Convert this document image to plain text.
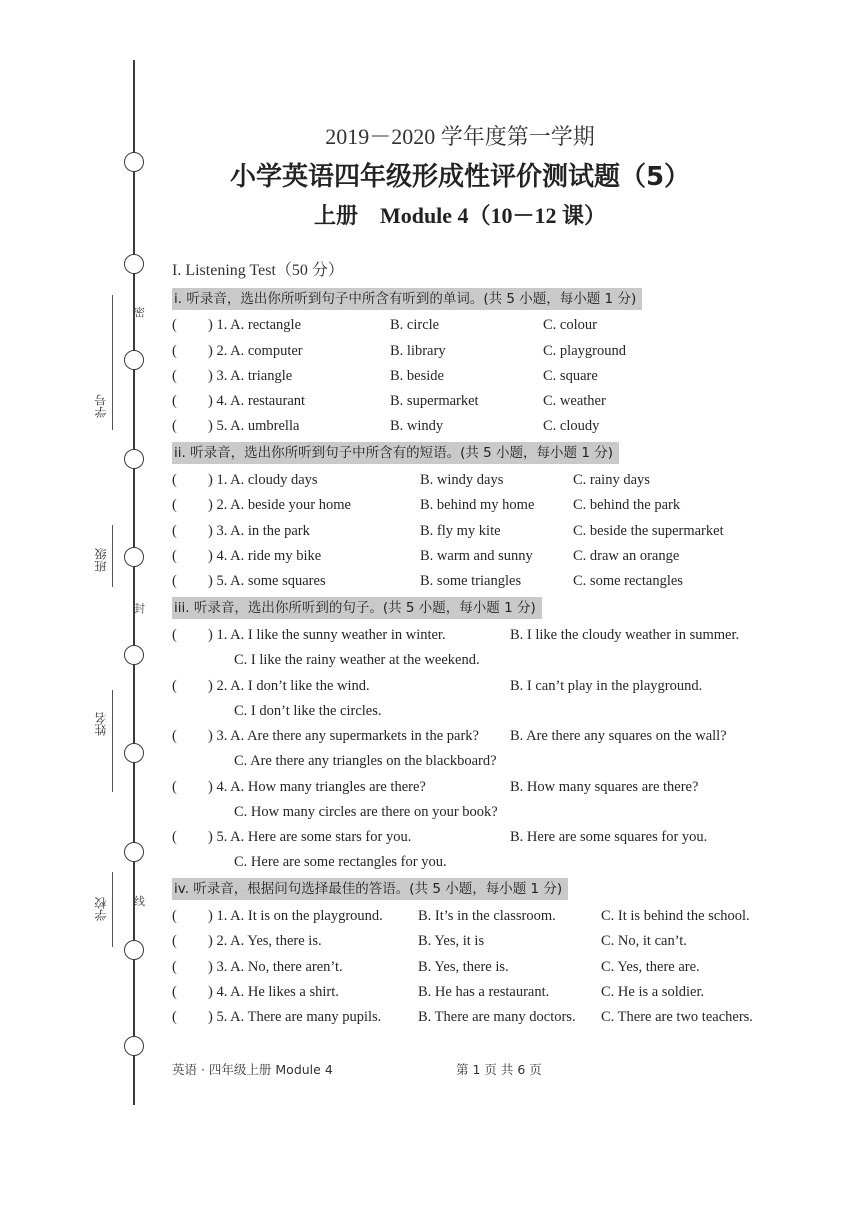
密
封
线
学号
班级
姓名
学校
2019－2020 学年度第一学期
小学英语四年级形成性评价测试题（5）
上册　Module 4（10－12 课）
I. Listening Test（50 分）
i. 听录音，选出你所听到句子中所含有听到的单词。(共 5 小题，每小题 1 分)
( ) 1. A. rectangle	B. circle	C. colour
( ) 2. A. computer	B. library	C. playground
( ) 3. A. triangle	B. beside	C. square
( ) 4. A. restaurant	B. supermarket	C. weather
( ) 5. A. umbrella	B. windy	C. cloudy
ii. 听录音，选出你所听到句子中所含有的短语。(共 5 小题，每小题 1 分)
( ) 1. A. cloudy days	B. windy days	C. rainy days
( ) 2. A. beside your home	B. behind my home	C. behind the park
( ) 3. A. in the park	B. fly my kite	C. beside the supermarket
( ) 4. A. ride my bike	B. warm and sunny	C. draw an orange
( ) 5. A. some squares	B. some triangles	C. some rectangles
iii. 听录音，选出你所听到的句子。(共 5 小题，每小题 1 分)
( ) 1. A. I like the sunny weather in winter.	B. I like the cloudy weather in summer.
C. I like the rainy weather at the weekend.
( ) 2. A. I don’t like the wind.	B. I can’t play in the playground.
C. I don’t like the circles.
( ) 3. A. Are there any supermarkets in the park? B. Are there any squares on the wall?
C. Are there any triangles on the blackboard?
( ) 4. A. How many triangles are there?	B. How many squares are there?
C. How many circles are there on your book?
( ) 5. A. Here are some stars for you.	B. Here are some squares for you.
C. Here are some rectangles for you.
iv. 听录音，根据问句选择最佳的答语。(共 5 小题，每小题 1 分)
( ) 1. A. It is on the playground. B. It’s in the classroom.	C. It is behind the school.
( ) 2. A. Yes, there is.	B. Yes, it is	C. No, it can’t.
( ) 3. A. No, there aren’t.	B. Yes, there is.	C. Yes, there are.
( ) 4. A. He likes a shirt.	B. He has a restaurant.	C. He is a soldier.
( ) 5. A. There are many pupils.	B. There are many doctors. C. There are two teachers.
英语 · 四年级上册 Module 4	第 1 页 共 6 页
